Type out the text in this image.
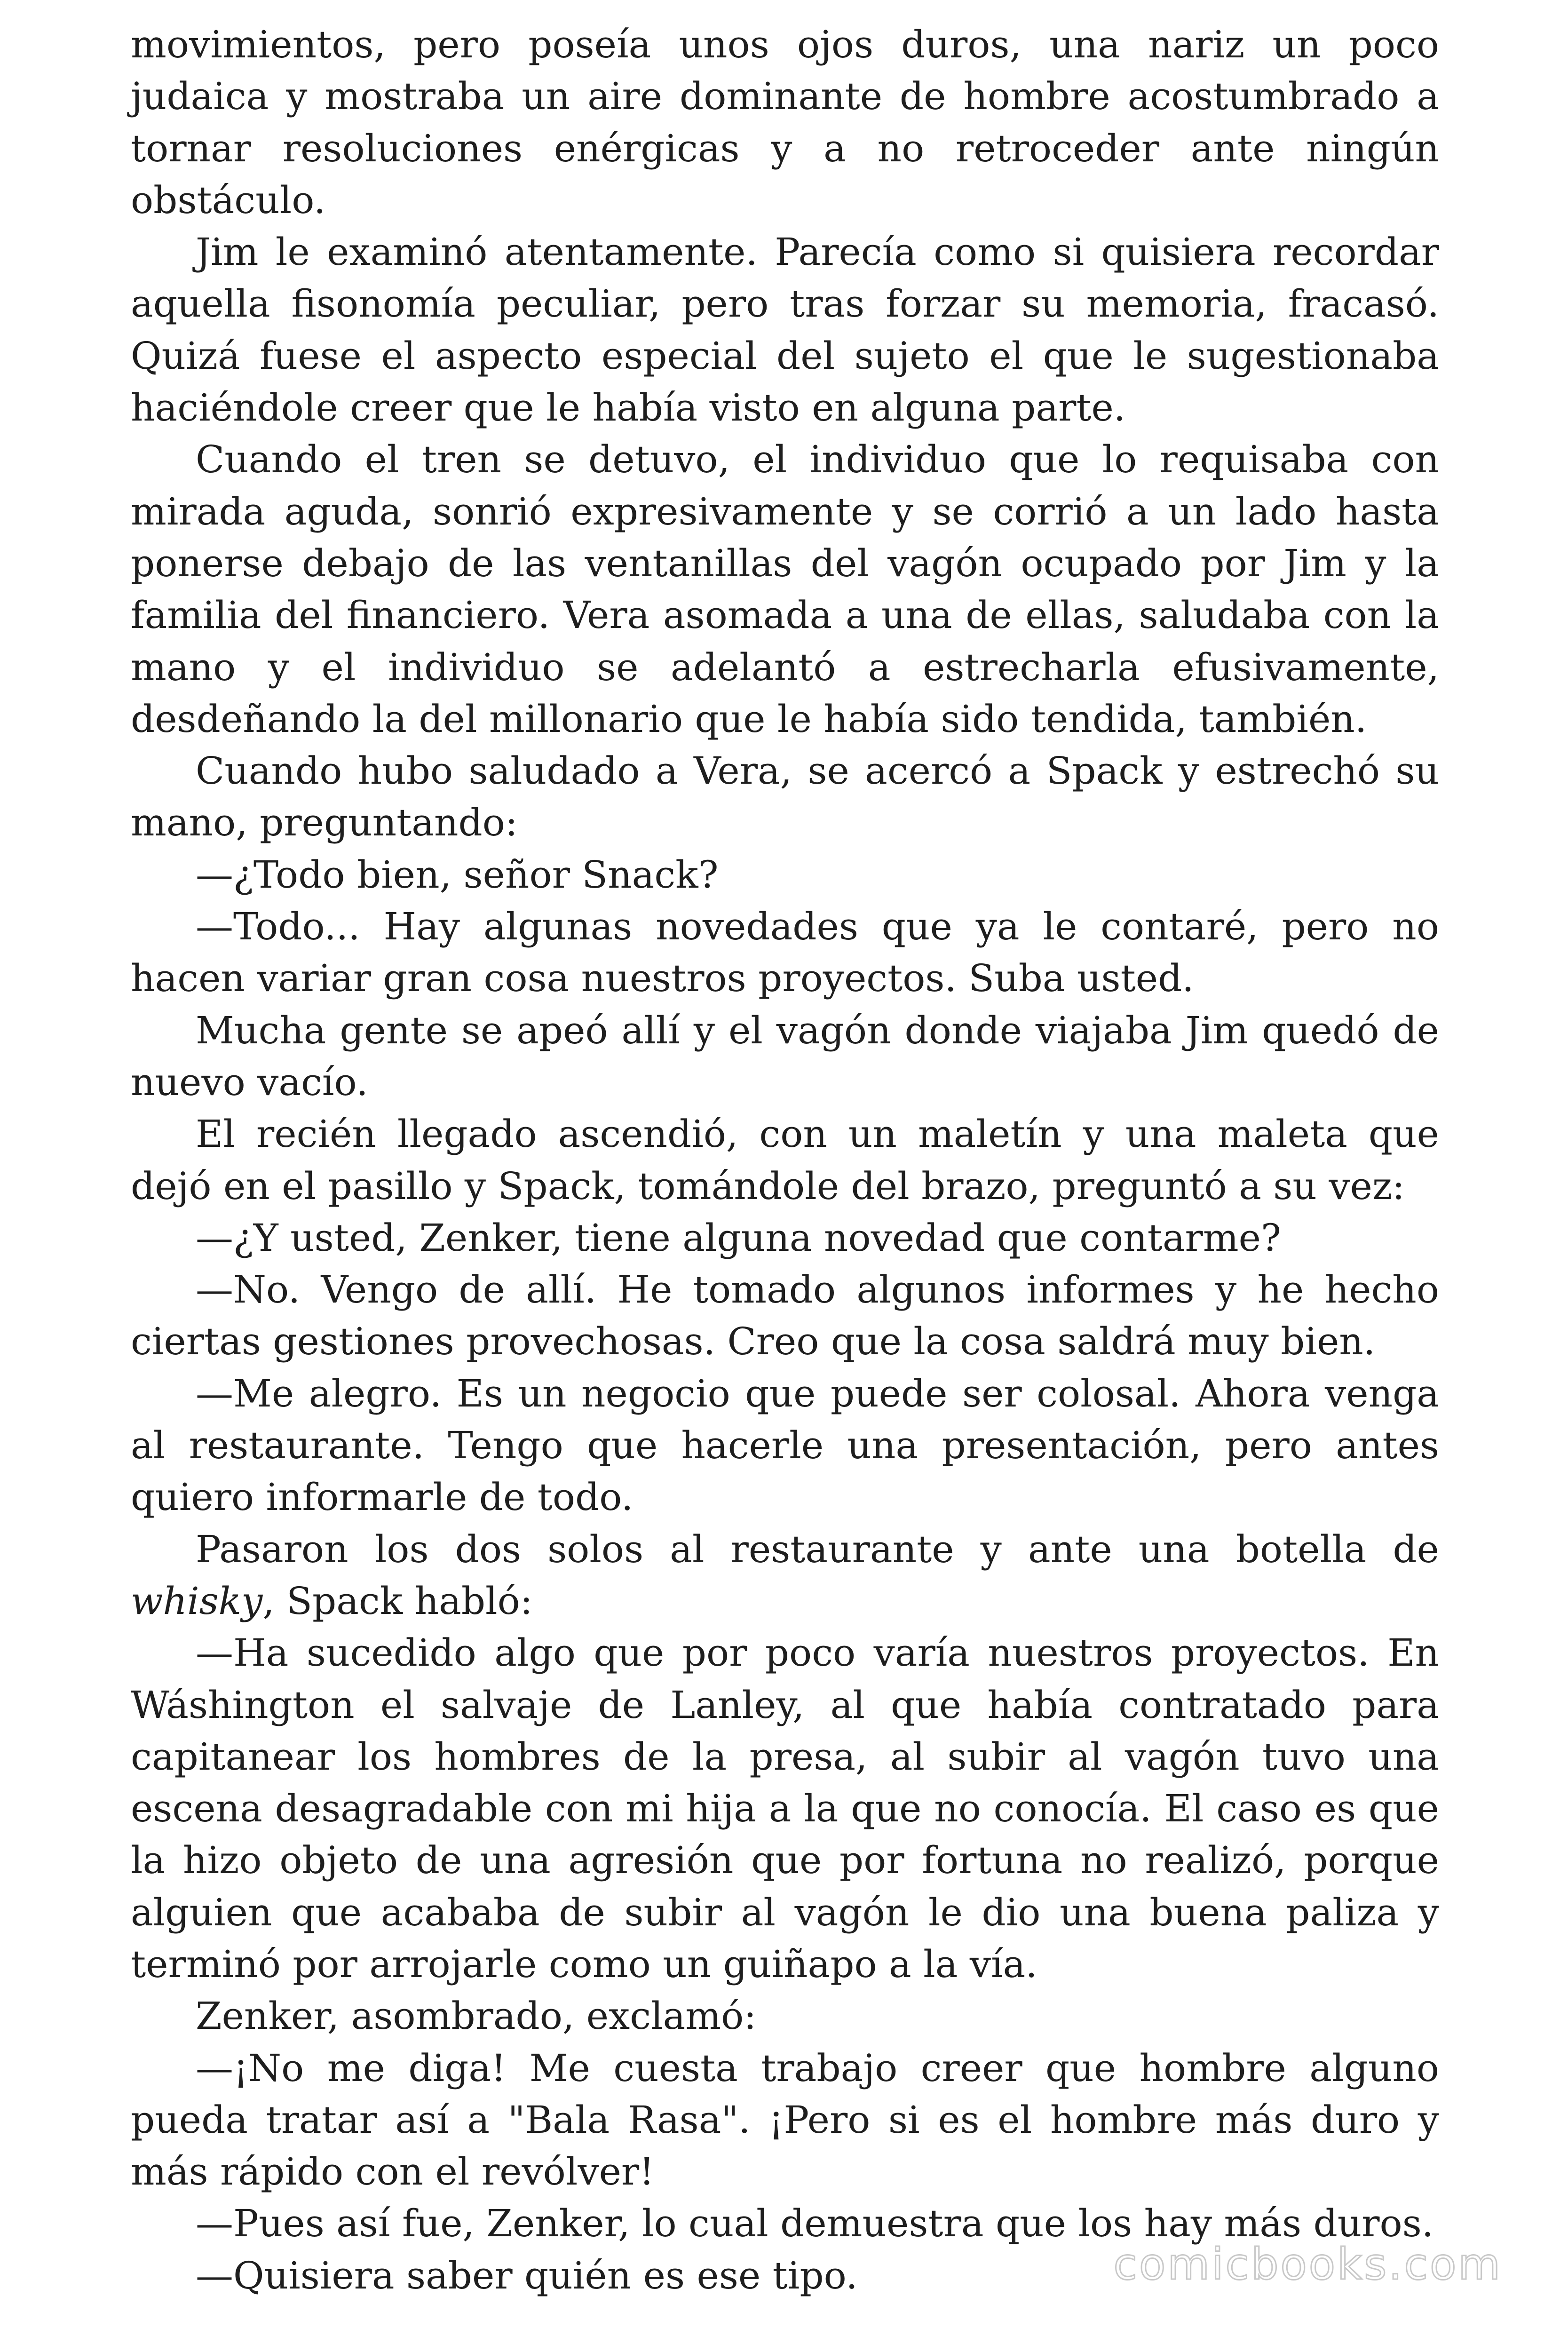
movimientos, pero poseía unos ojos duros, una nariz un poco judaica y mostraba un aire dominante de hombre acostumbrado a tornar resoluciones enérgicas y a no retroceder ante ningún obstáculo.

Jim le examinó atentamente. Parecía como si quisiera recordar aquella fisonomía peculiar, pero tras forzar su memoria, fracasó. Quizá fuese el aspecto especial del sujeto el que le sugestionaba haciéndole creer que le había visto en alguna parte.

Cuando el tren se detuvo, el individuo que lo requisaba con mirada aguda, sonrió expresivamente y se corrió a un lado hasta ponerse debajo de las ventanillas del vagón ocupado por Jim y la familia del financiero. Vera asomada a una de ellas, saludaba con la mano y el individuo se adelantó a estrecharla efusivamente, desdeñando la del millonario que le había sido tendida, también.

Cuando hubo saludado a Vera, se acercó a Spack y estrechó su mano, preguntando:

—¿Todo bien, señor Snack?

—Todo... Hay algunas novedades que ya le contaré, pero no hacen variar gran cosa nuestros proyectos. Suba usted.

Mucha gente se apeó allí y el vagón donde viajaba Jim quedó de nuevo vacío.

El recién llegado ascendió, con un maletín y una maleta que dejó en el pasillo y Spack, tomándole del brazo, preguntó a su vez:

—¿Y usted, Zenker, tiene alguna novedad que contarme?

—No. Vengo de allí. He tomado algunos informes y he hecho ciertas gestiones provechosas. Creo que la cosa saldrá muy bien.

—Me alegro. Es un negocio que puede ser colosal. Ahora venga al restaurante. Tengo que hacerle una presentación, pero antes quiero informarle de todo.

Pasaron los dos solos al restaurante y ante una botella de whisky, Spack habló:

—Ha sucedido algo que por poco varía nuestros proyectos. En Wáshington el salvaje de Lanley, al que había contratado para capitanear los hombres de la presa, al subir al vagón tuvo una escena desagradable con mi hija a la que no conocía. El caso es que la hizo objeto de una agresión que por fortuna no realizó, porque alguien que acababa de subir al vagón le dio una buena paliza y terminó por arrojarle como un guiñapo a la vía.

Zenker, asombrado, exclamó:

—¡No me diga! Me cuesta trabajo creer que hombre alguno pueda tratar así a "Bala Rasa". ¡Pero si es el hombre más duro y más rápido con el revólver!

—Pues así fue, Zenker, lo cual demuestra que los hay más duros.

—Quisiera saber quién es ese tipo.	comicbooks.com
